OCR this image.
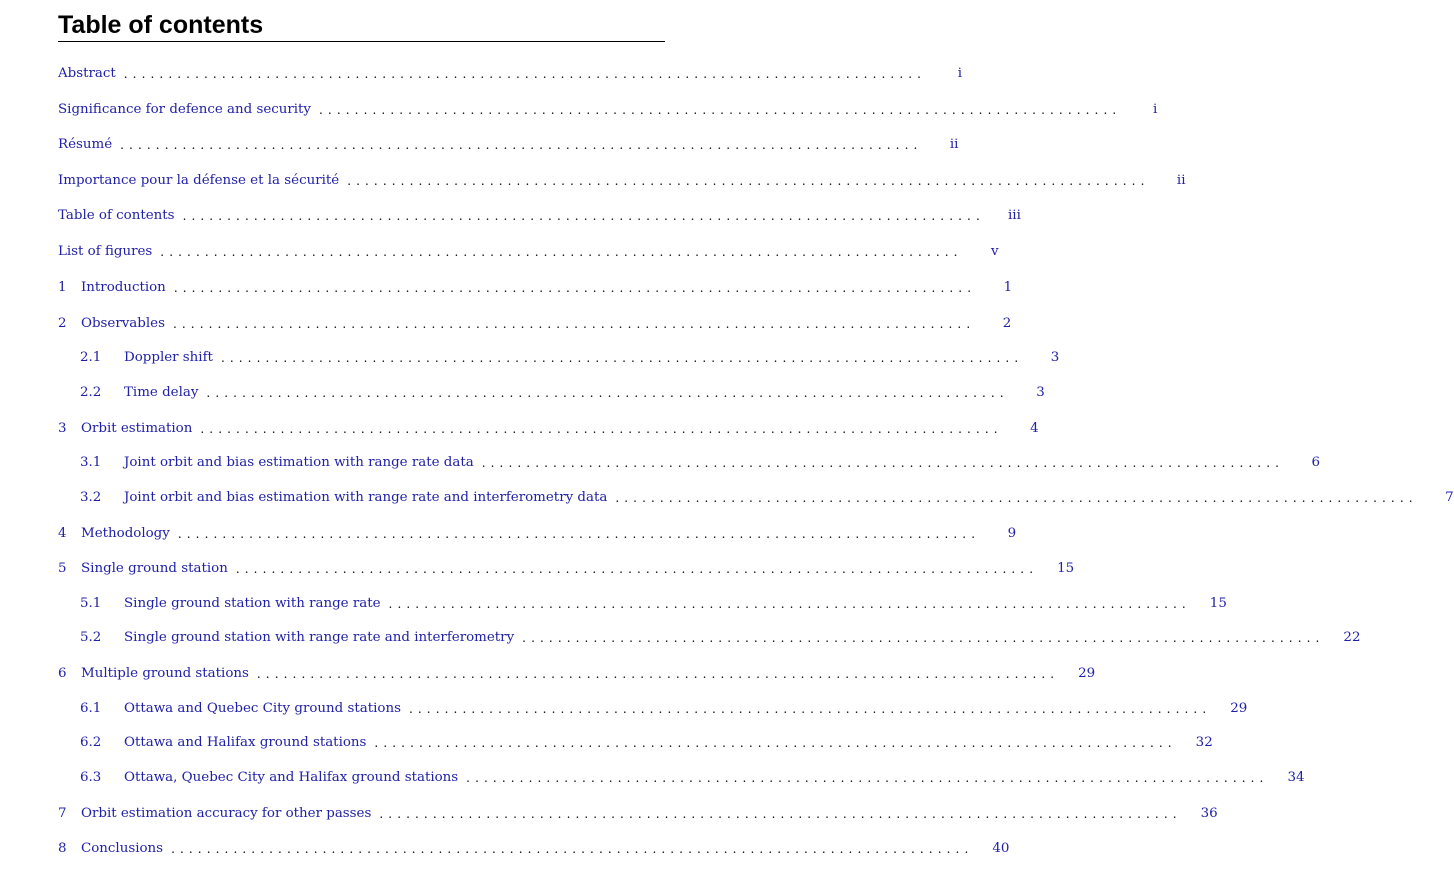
Table of contents
Abstract ..........................................................................................	i
Significance for defence and security ..........................................................................................	i
Résumé ..........................................................................................	ii
Importance pour la défense et la sécurité ..........................................................................................	ii
Table of contents ..........................................................................................	iii
List of figures ..........................................................................................	v
1	Introduction ..........................................................................................	1
2	Observables ..........................................................................................	2
2.1	Doppler shift ..........................................................................................	3
2.2	Time delay ..........................................................................................	3
3	Orbit estimation ..........................................................................................	4
3.1	Joint orbit and bias estimation with range rate data ..........................................................................................	6
3.2	Joint orbit and bias estimation with range rate and interferometry data ..........................................................................................	7
4	Methodology ..........................................................................................	9
5	Single ground station ..........................................................................................	15
5.1	Single ground station with range rate ..........................................................................................	15
5.2	Single ground station with range rate and interferometry ..........................................................................................	22
6	Multiple ground stations ..........................................................................................	29
6.1	Ottawa and Quebec City ground stations ..........................................................................................	29
6.2	Ottawa and Halifax ground stations ..........................................................................................	32
6.3	Ottawa, Quebec City and Halifax ground stations ..........................................................................................	34
7	Orbit estimation accuracy for other passes ..........................................................................................	36
8	Conclusions ..........................................................................................	40
